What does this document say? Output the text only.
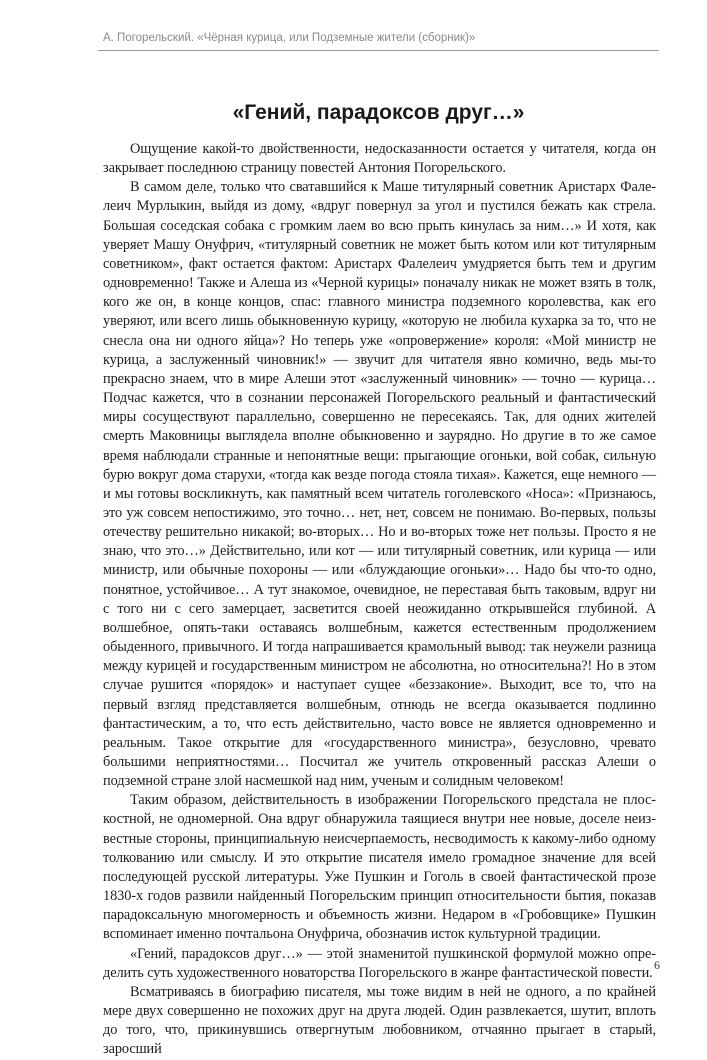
А. Погорельский. «Чёрная курица, или Подземные жители (сборник)»
«Гений, парадоксов друг…»

Ощущение какой-то двойственности, недосказанности остается у читателя, когда он закрывает последнюю страницу повестей Антония Погорельского.

В самом деле, только что сватавшийся к Маше титулярный советник Аристарх Фалелеич Мурлыкин, выйдя из дому, «вдруг повернул за угол и пустился бежать как стрела. Большая соседская собака с громким лаем во всю прыть кинулась за ним…» И хотя, как уверяет Машу Онуфрич, «титулярный советник не может быть котом или кот титулярным советником», факт остается фактом: Аристарх Фалелеич умудряется быть тем и другим одновременно! Также и Алеша из «Черной курицы» поначалу никак не может взять в толк, кого же он, в конце концов, спас: главного министра подземного королевства, как его уверяют, или всего лишь обыкновенную курицу, «которую не любила кухарка за то, что не снесла она ни одного яйца»? Но теперь уже «опровержение» короля: «Мой министр не курица, а заслуженный чиновник!» — звучит для читателя явно комично, ведь мы-то прекрасно знаем, что в мире Алеши этот «заслуженный чиновник» — точно — курица… Подчас кажется, что в сознании персонажей Погорельского реальный и фантастический миры сосуществуют параллельно, совершенно не пересекаясь. Так, для одних жителей смерть Маковницы выглядела вполне обыкновенно и заурядно. Но другие в то же самое время наблюдали странные и непонятные вещи: прыгающие огоньки, вой собак, сильную бурю вокруг дома старухи, «тогда как везде погода стояла тихая». Кажется, еще немного — и мы готовы воскликнуть, как памятный всем читатель гоголевского «Носа»: «Признаюсь, это уж совсем непостижимо, это точно… нет, нет, совсем не понимаю. Во-первых, пользы отечеству решительно никакой; во-вторых… Но и во-вторых тоже нет пользы. Просто я не знаю, что это…» Действительно, или кот — или титулярный советник, или курица — или министр, или обычные похороны — или «блуждающие огоньки»… Надо бы что-то одно, понятное, устойчивое… А тут знакомое, очевидное, не переставая быть таковым, вдруг ни с того ни с сего замерцает, засветится своей неожиданно открывшейся глубиной. А волшебное, опять-таки остaваясь волшебным, кажется естественным продолжением обыденного, привычного. И тогда напрашивается крамольный вывод: так неужели разница между курицей и государственным министром не абсолютна, но относительна?! Но в этом случае рушится «порядок» и наступает сущее «беззаконие». Выходит, все то, что на первый взгляд представляется волшебным, отнюдь не всегда оказывается подлинно фантастическим, а то, что есть действительно, часто вовсе не является одновременно и реальным. Такое открытие для «государственного министра», безусловно, чревато большими неприятностями… Посчитал же учитель откровенный рассказ Алеши о подземной стране злой насмешкой над ним, ученым и солидным человеком!

Таким образом, действительность в изображении Погорельского предстала не плоскостной, не одномерной. Она вдруг обнаружила таящиеся внутри нее новые, доселе неизвестные стороны, принципиальную неисчерпаемость, несводимость к какому-либо одному толкованию или смыслу. И это открытие писателя имело громадное значение для всей последующей русской литературы. Уже Пушкин и Гоголь в своей фантастической прозе 1830-х годов развили найденный Погорельским принцип относительности бытия, показав парадоксальную многомерность и объемность жизни. Недаром в «Гробовщике» Пушкин вспоминает именно почтальона Онуфрича, обозначив исток культурной традиции.

«Гений, парадоксов друг…» — этой знаменитой пушкинской формулой можно определить суть художественного новаторства Погорельского в жанре фантастической повести.

Всматриваясь в биографию писателя, мы тоже видим в ней не одного, а по крайней мере двух совершенно не похожих друг на друга людей. Один развлекается, шутит, вплоть до того, что, прикинувшись отвергнутым любовником, отчаянно прыгает в старый, заросший

6
